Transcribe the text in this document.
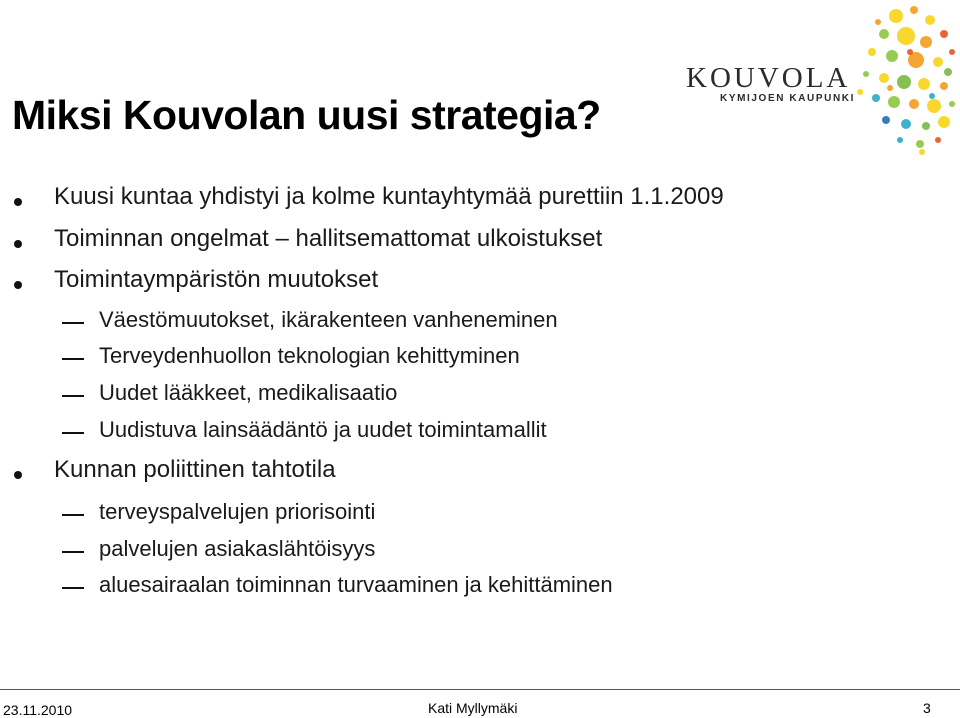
Miksi Kouvolan uusi strategia?
KOUVOLA
KYMIJOEN KAUPUNKI
Kuusi kuntaa yhdistyi ja kolme kuntayhtymää purettiin 1.1.2009
Toiminnan ongelmat – hallitsemattomat ulkoistukset
Toimintaympäristön muutokset
Väestömuutokset, ikärakenteen vanheneminen
Terveydenhuollon teknologian kehittyminen
Uudet lääkkeet, medikalisaatio
Uudistuva lainsäädäntö ja uudet toimintamallit
Kunnan poliittinen tahtotila
terveyspalvelujen priorisointi
palvelujen asiakaslähtöisyys
aluesairaalan toiminnan turvaaminen ja kehittäminen
23.11.2010	Kati Myllymäki	3
